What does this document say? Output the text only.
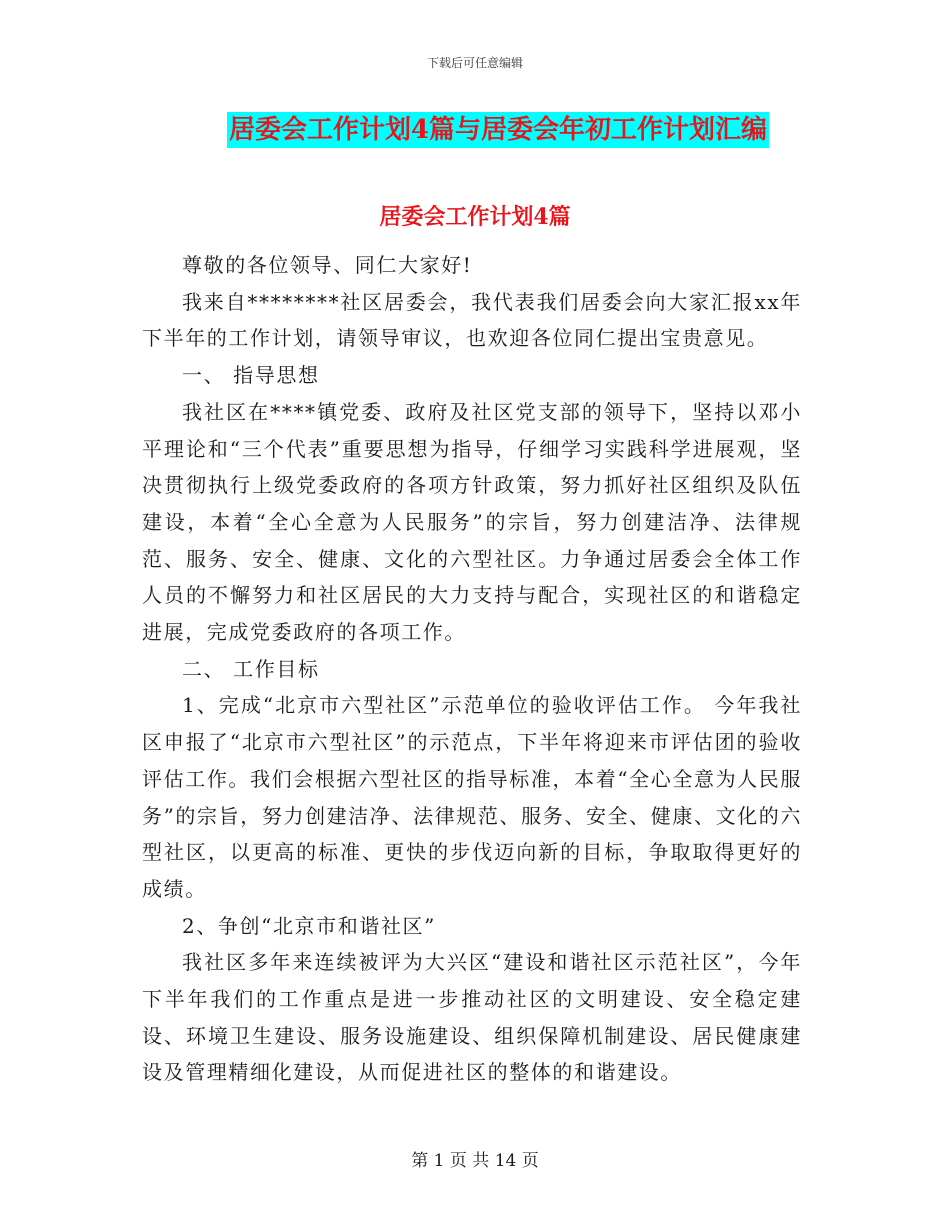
下载后可任意编辑
居委会工作计划4篇与居委会年初工作计划汇编
居委会工作计划4篇

尊敬的各位领导、同仁大家好!

我来自********社区居委会，我代表我们居委会向大家汇报xx年下半年的工作计划，请领导审议，也欢迎各位同仁提出宝贵意见。

一、 指导思想

我社区在****镇党委、政府及社区党支部的领导下，坚持以邓小平理论和“三个代表”重要思想为指导，仔细学习实践科学进展观，坚决贯彻执行上级党委政府的各项方针政策，努力抓好社区组织及队伍建设，本着“全心全意为人民服务”的宗旨，努力创建洁净、法律规范、服务、安全、健康、文化的六型社区。力争通过居委会全体工作人员的不懈努力和社区居民的大力支持与配合，实现社区的和谐稳定进展，完成党委政府的各项工作。

二、 工作目标

1、完成“北京市六型社区”示范单位的验收评估工作。 今年我社区申报了“北京市六型社区”的示范点，下半年将迎来市评估团的验收评估工作。我们会根据六型社区的指导标准，本着“全心全意为人民服务”的宗旨，努力创建洁净、法律规范、服务、安全、健康、文化的六型社区，以更高的标准、更快的步伐迈向新的目标，争取取得更好的成绩。

2、争创“北京市和谐社区”

我社区多年来连续被评为大兴区“建设和谐社区示范社区”，今年下半年我们的工作重点是进一步推动社区的文明建设、安全稳定建设、环境卫生建设、服务设施建设、组织保障机制建设、居民健康建设及管理精细化建设，从而促进社区的整体的和谐建设。

第 1 页 共 14 页
